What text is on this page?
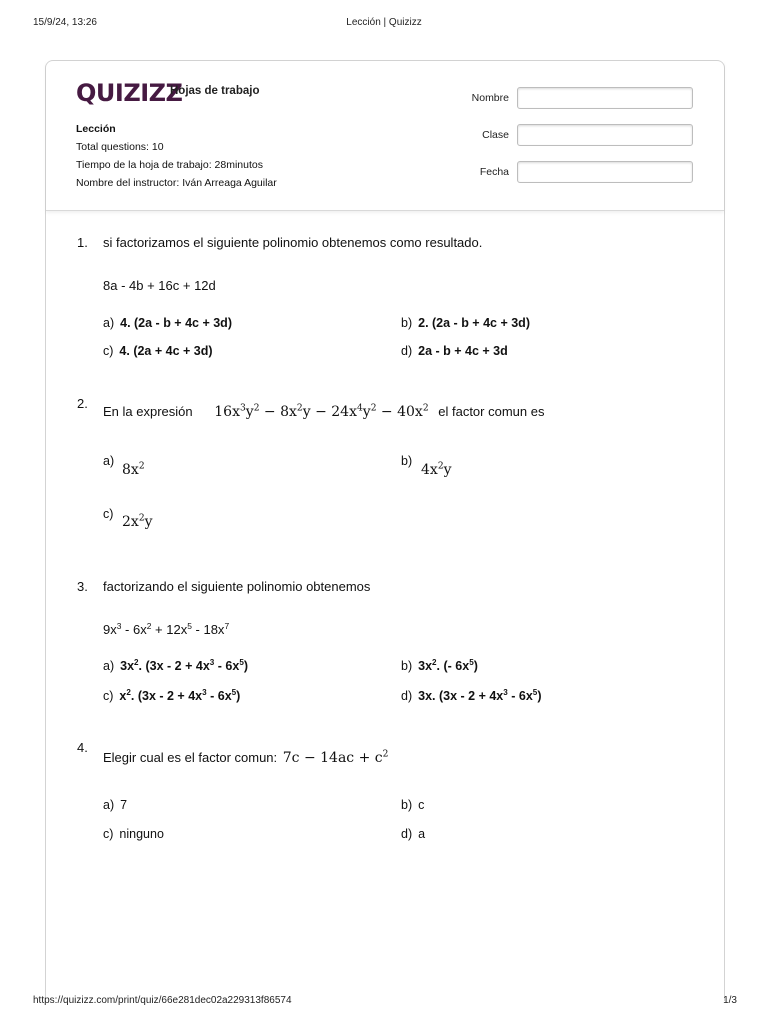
15/9/24, 13:26	Lección | Quizizz
QUIZIZZ
Hojas de trabajo
Lección
Total questions: 10
Tiempo de la hoja de trabajo: 28minutos
Nombre del instructor: Iván Arreaga Aguilar
Nombre
Clase
Fecha
1. si factorizamos el siguiente polinomio obtenemos como resultado.
8a - 4b + 16c + 12d
a) 4. (2a - b + 4c + 3d)	b) 2. (2a - b + 4c + 3d)
c) 4. (2a + 4c + 3d)	d) 2a - b + 4c + 3d
2.
En la expresión $16x^3y^2 - 8x^2y - 24x^4y^2 - 40x^2$ el factor comun es
a)
$8x^2$	b)
$4x^2y$
c) $2x^2y$
3. factorizando el siguiente polinomio obtenemos
$9x^3 - 6x^2 + 12x^5 - 18x^7$
a) $3x^2$. $(3x - 2 + 4x^3 - 6x^5)$	b) $3x^2$. (- $6x^5$)
c) $x^2$. $(3x - 2 + 4x^3 - 6x^5)$	d) 3x. $(3x - 2 + 4x^3 - 6x^5)$
4.
Elegir cual es el factor comun: $7c - 14ac + c^2$
a) 7	b) c
c) ninguno	d) a
https://quizizz.com/print/quiz/66e281dec02a229313f86574	1/3
